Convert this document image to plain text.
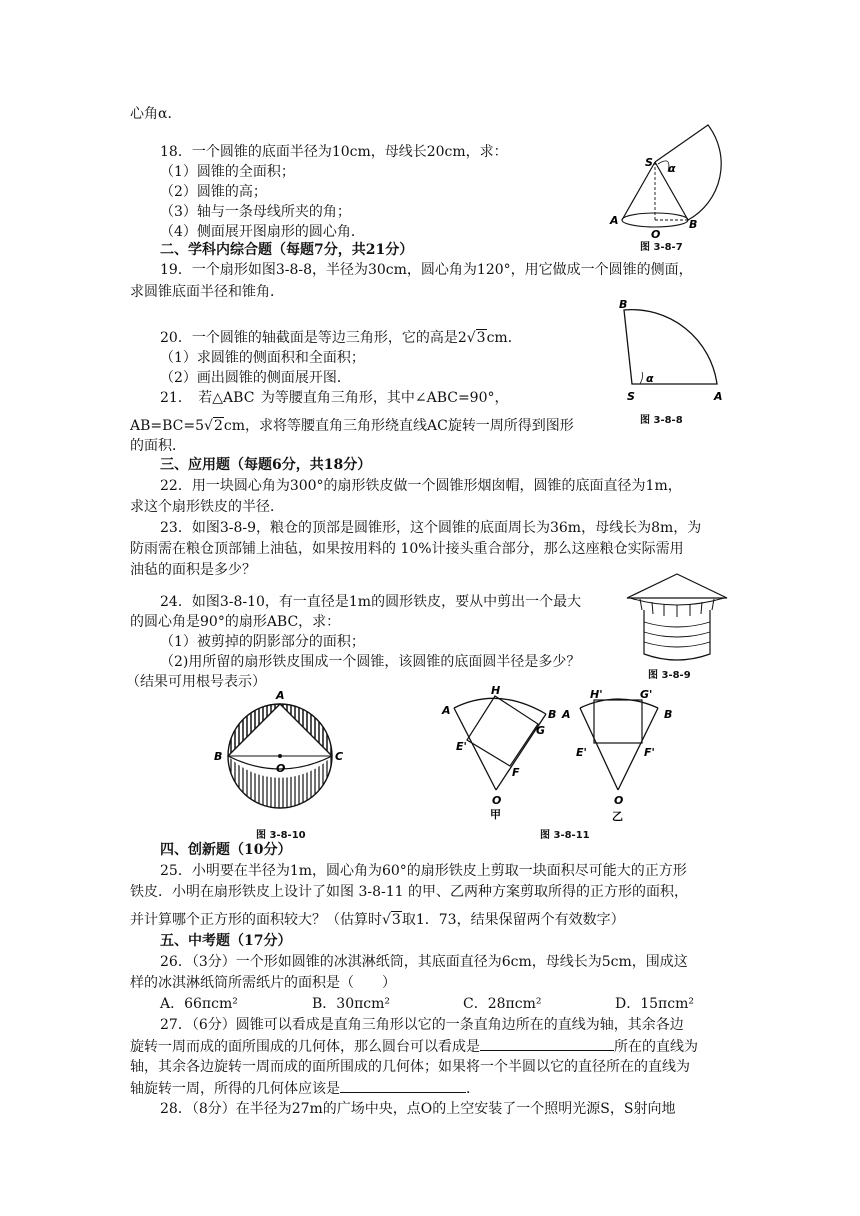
心角α．
18．一个圆锥的底面半径为10cm，母线长20cm，求：
（1）圆锥的全面积；
（2）圆锥的高；
（3）轴与一条母线所夹的角；
（4）侧面展开图扇形的圆心角．
二、学科内综合题（每题7分，共21分）
19．一个扇形如图3-8-8，半径为30cm，圆心角为120°，用它做成一个圆锥的侧面，
求圆锥底面半径和锥角．
20．一个圆锥的轴截面是等边三角形，它的高是2√3cm．
（1）求圆锥的侧面积和全面积；
（2）画出圆锥的侧面展开图．
21． 若△ABC 为等腰直角三角形，其中∠ABC=90°，
AB=BC=5√2cm，求将等腰直角三角形绕直线AC旋转一周所得到图形
的面积．
三、应用题（每题6分，共18分）
22．用一块圆心角为300°的扇形铁皮做一个圆锥形烟囱帽，圆锥的底面直径为1m，
求这个扇形铁皮的半径．
23．如图3-8-9，粮仓的顶部是圆锥形，这个圆锥的底面周长为36m，母线长为8m，为
防雨需在粮仓顶部铺上油毡，如果按用料的 10%计接头重合部分，那么这座粮仓实际需用
油毡的面积是多少？
24．如图3-8-10，有一直径是1m的圆形铁皮，要从中剪出一个最大
的圆心角是90°的扇形ABC，求：
（1）被剪掉的阴影部分的面积；
（2)用所留的扇形铁皮围成一个圆锥，该圆锥的底面圆半径是多少？
（结果可用根号表示）
四、创新题（10分）
25．小明要在半径为1m，圆心角为60°的扇形铁皮上剪取一块面积尽可能大的正方形
铁皮．小明在扇形铁皮上设计了如图 3-8-11 的甲、乙两种方案剪取所得的正方形的面积，
并计算哪个正方形的面积较大？（估算时√3取1．73，结果保留两个有效数字）
五、中考题（17分）
26．（3分）一个形如圆锥的冰淇淋纸筒，其底面直径为6cm，母线长为5cm，围成这
样的冰淇淋纸筒所需纸片的面积是（　　）
A．66πcm²	B．30πcm²	C．28πcm²	D．15πcm²
27．（6分）圆锥可以看成是直角三角形以它的一条直角边所在的直线为轴，其余各边
旋转一周而成的面所围成的几何体，那么圆台可以看成是	所在的直线为
轴，其余各边旋转一周而成的面所围成的几何体；如果将一个半圆以它的直径所在的直线为
轴旋转一周，所得的几何体应该是	．
28．（8分）在半径为27m的广场中央，点O的上空安装了一个照明光源S，S射向地
S α
A
O
B
图 3-8-7
B
α
S	A
图 3-8-8
图 3-8-9
A
B
O
C
图 3-8-10
H
A	B
G
E'
F
O
甲
H'	G'
A	B
E'	F'
O
乙
图 3-8-11
